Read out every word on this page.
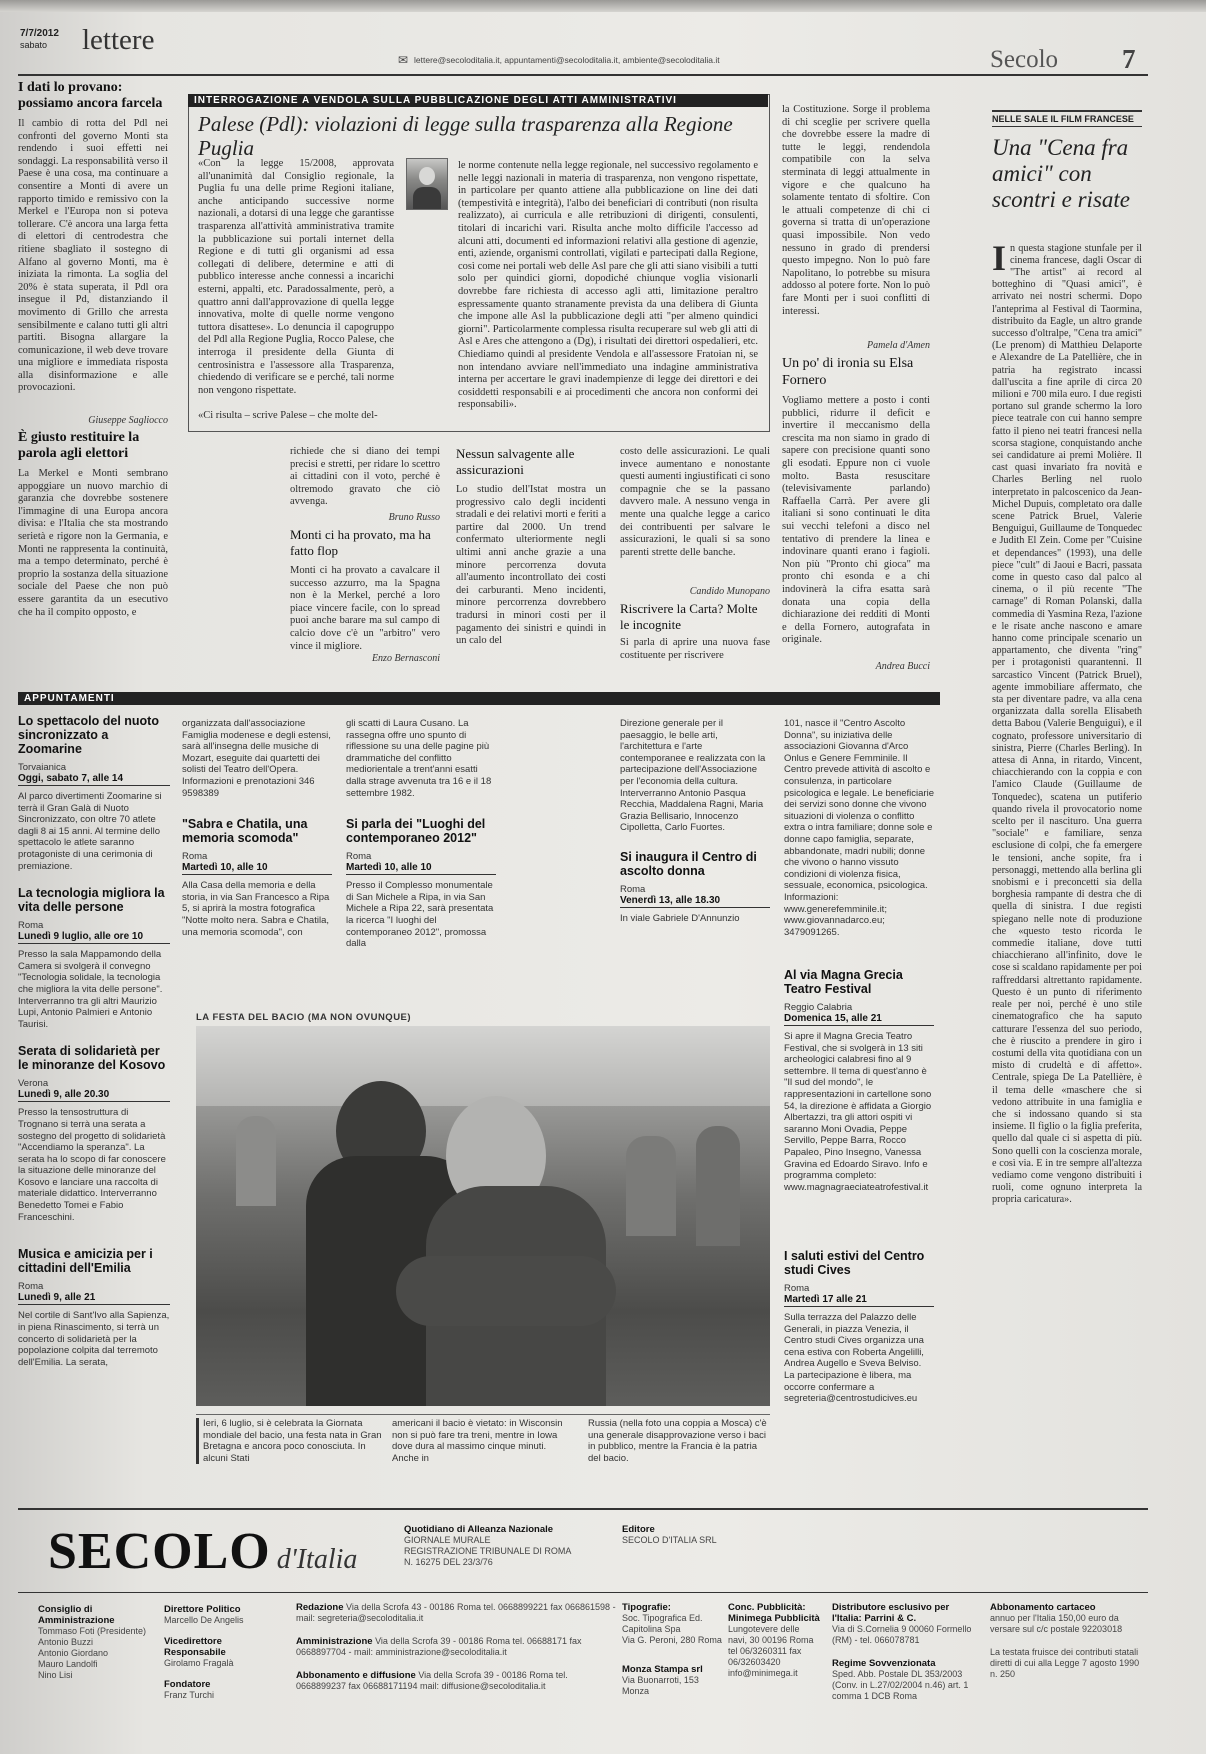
7/7/2012
sabato lettere
✉ lettere@secoloditalia.it, appuntamenti@secoloditalia.it, ambiente@secoloditalia.it	Secolo 7
I dati lo provano: possiamo ancora farcela
Il cambio di rotta del Pdl nei confronti del governo Monti sta rendendo i suoi effetti nei sondaggi. La responsabilità verso il Paese è una cosa, ma continuare a consentire a Monti di avere un rapporto timido e remissivo con la Merkel e l'Europa non si poteva tollerare. C'è ancora una larga fetta di elettori di centrodestra che ritiene sbagliato il sostegno di Alfano al governo Monti, ma è iniziata la rimonta. La soglia del 20% è stata superata, il Pdl ora insegue il Pd, distanziando il movimento di Grillo che arresta sensibilmente e calano tutti gli altri partiti. Bisogna allargare la comunicazione, il web deve trovare una migliore e immediata risposta alla disinformazione e alle provocazioni.
Giuseppe Sagliocco
È giusto restituire la parola agli elettori
La Merkel e Monti sembrano appoggiare un nuovo marchio di garanzia che dovrebbe sostenere l'immagine di una Europa ancora divisa: e l'Italia che sta mostrando serietà e rigore non la Germania, e Monti ne rappresenta la continuità, ma a tempo determinato, perché è proprio la sostanza della situazione sociale del Paese che non può essere garantita da un esecutivo che ha il compito opposto, e
INTERROGAZIONE A VENDOLA SULLA PUBBLICAZIONE DEGLI ATTI AMMINISTRATIVI
Palese (Pdl): violazioni di legge sulla trasparenza alla Regione Puglia
«Con la legge 15/2008, approvata all'unanimità dal Consiglio regionale, la Puglia fu una delle prime Regioni italiane, anche anticipando successive norme nazionali, a dotarsi di una legge che garantisse trasparenza all'attività amministrativa tramite la pubblicazione sui portali internet della Regione e di tutti gli organismi ad essa collegati di delibere, determine e atti di pubblico interesse anche connessi a incarichi esterni, appalti, etc. Paradossalmente, però, a quattro anni dall'approvazione di quella legge innovativa, molte di quelle norme vengono tuttora disattese». Lo denuncia il capogruppo del Pdl alla Regione Puglia, Rocco Palese, che interroga il presidente della Giunta di centrosinistra e l'assessore alla Trasparenza, chiedendo di verificare se e perché, tali norme non vengono rispettate.
«Ci risulta – scrive Palese – che molte del-
le norme contenute nella legge regionale, nel successivo regolamento e nelle leggi nazionali in materia di trasparenza, non vengono rispettate, in particolare per quanto attiene alla pubblicazione on line dei dati (tempestività e integrità), l'albo dei beneficiari di contributi (non risulta realizzato), ai curricula e alle retribuzioni di dirigenti, consulenti, titolari di incarichi vari. Risulta anche molto difficile l'accesso ad alcuni atti, documenti ed informazioni relativi alla gestione di agenzie, enti, aziende, organismi controllati, vigilati e partecipati dalla Regione, così come nei portali web delle Asl pare che gli atti siano visibili a tutti solo per quindici giorni, dopodiché chiunque voglia visionarli dovrebbe fare richiesta di accesso agli atti, limitazione peraltro espressamente quanto stranamente prevista da una delibera di Giunta che impone alle Asl la pubblicazione degli atti "per almeno quindici giorni". Particolarmente complessa risulta recuperare sul web gli atti di Asl e Ares che attengono a (Dg), i risultati dei direttori ospedalieri, etc. Chiediamo quindi al presidente Vendola e all'assessore Fratoian ni, se non intendano avviare nell'immediato una indagine amministrativa interna per accertare le gravi inadempienze di legge dei direttori e dei cosiddetti responsabili e ai procedimenti che ancora non conformi dei responsabili».
la Costituzione. Sorge il problema di chi sceglie per scrivere quella che dovrebbe essere la madre di tutte le leggi, rendendola compatibile con la selva sterminata di leggi attualmente in vigore e che qualcuno ha solamente tentato di sfoltire. Con le attuali competenze di chi ci governa si tratta di un'operazione quasi impossibile. Non vedo nessuno in grado di prendersi questo impegno. Non lo può fare Napolitano, lo potrebbe su misura addosso al potere forte. Non lo può fare Monti per i suoi conflitti di interessi.
Pamela d'Amen
Un po' di ironia su Elsa Fornero
Vogliamo mettere a posto i conti pubblici, ridurre il deficit e invertire il meccanismo della crescita ma non siamo in grado di sapere con precisione quanti sono gli esodati. Eppure non ci vuole molto. Basta resuscitare (televisivamente parlando) Raffaella Carrà. Per avere gli italiani si sono continuati le dita sui vecchi telefoni a disco nel tentativo di prendere la linea e indovinare quanti erano i fagioli. Non più "Pronto chi gioca" ma pronto chi esonda e a chi indovinerà la cifra esatta sarà donata una copia della dichiarazione dei redditi di Monti e della Fornero, autografata in originale.
Andrea Bucci
richiede che si diano dei tempi precisi e stretti, per ridare lo scettro ai cittadini con il voto, perché è oltremodo gravato che ciò avvenga.
Bruno Russo
Monti ci ha provato, ma ha fatto flop
Monti ci ha provato a cavalcare il successo azzurro, ma la Spagna non è la Merkel, perché a loro piace vincere facile, con lo spread puoi anche barare ma sul campo di calcio dove c'è un "arbitro" vero vince il migliore.
Enzo Bernasconi
Nessun salvagente alle assicurazioni
Lo studio dell'Istat mostra un progressivo calo degli incidenti stradali e dei relativi morti e feriti a partire dal 2000. Un trend confermato ulteriormente negli ultimi anni anche grazie a una minore percorrenza dovuta all'aumento incontrollato dei costi dei carburanti. Meno incidenti, minore percorrenza dovrebbero tradursi in minori costi per il pagamento dei sinistri e quindi in un calo del
costo delle assicurazioni. Le quali invece aumentano e nonostante questi aumenti ingiustificati ci sono compagnie che se la passano davvero male. A nessuno venga in mente una qualche legge a carico dei contribuenti per salvare le assicurazioni, le quali si sa sono parenti strette delle banche.
Candido Munopano
Riscrivere la Carta? Molte le incognite
Si parla di aprire una nuova fase costituente per riscrivere
NELLE SALE IL FILM FRANCESE
Una "Cena fra amici" con scontri e risate
In questa stagione stunfale per il cinema francese, dagli Oscar di "The artist" ai record al botteghino di "Quasi amici", è arrivato nei nostri schermi. Dopo l'anteprima al Festival di Taormina, distribuito da Eagle, un altro grande successo d'oltralpe, "Cena tra amici" (Le prenom) di Matthieu Delaporte e Alexandre de La Patellière, che in patria ha registrato incassi dall'uscita a fine aprile di circa 20 milioni e 700 mila euro. I due registi portano sul grande schermo la loro piece teatrale con cui hanno sempre fatto il pieno nei teatri francesi nella scorsa stagione, conquistando anche sei candidature ai premi Molière. Il cast quasi invariato fra novità e Charles Berling nel ruolo interpretato in palcoscenico da Jean-Michel Dupuis, completato ora dalle scene Patrick Bruel, Valerie Benguigui, Guillaume de Tonquedec e Judith El Zein. Come per "Cuisine et dependances" (1993), una delle piece "cult" di Jaoui e Bacri, passata come in questo caso dal palco al cinema, o il più recente "The carnage" di Roman Polanski, dalla commedia di Yasmina Reza, l'azione e le risate anche nascono e amare hanno come principale scenario un appartamento, che diventa "ring" per i protagonisti quarantenni. Il sarcastico Vincent (Patrick Bruel), agente immobiliare affermato, che sta per diventare padre, va alla cena organizzata dalla sorella Elisabeth detta Babou (Valerie Benguigui), e il cognato, professore universitario di sinistra, Pierre (Charles Berling). In attesa di Anna, in ritardo, Vincent, chiacchierando con la coppia e con l'amico Claude (Guillaume de Tonquedec), scatena un putiferio quando rivela il provocatorio nome scelto per il nascituro. Una guerra "sociale" e familiare, senza esclusione di colpi, che fa emergere le tensioni, anche sopite, fra i personaggi, mettendo alla berlina gli snobismi e i preconcetti sia della borghesia rampante di destra che di quella di sinistra. I due registi spiegano nelle note di produzione che «questo testo ricorda le commedie italiane, dove tutti chiacchierano all'infinito, dove le cose si scaldano rapidamente per poi raffreddarsi altrettanto rapidamente. Questo è un punto di riferimento reale per noi, perché è uno stile cinematografico che ha saputo catturare l'essenza del suo periodo, che è riuscito a prendere in giro i costumi della vita quotidiana con un misto di crudeltà e di affetto». Centrale, spiega De La Patellière, è il tema delle «maschere che si vedono attribuite in una famiglia e che si indossano quando si sta insieme. Il figlio o la figlia preferita, quello dal quale ci si aspetta di più. Sono quelli con la coscienza morale, e così via. E in tre sempre all'altezza vediamo come vengono distribuiti i ruoli, come ognuno interpreta la propria caricatura».
APPUNTAMENTI
Lo spettacolo del nuoto sincronizzato a Zoomarine
Torvaianica
Oggi, sabato 7, alle 14
Al parco divertimenti Zoomarine si terrà il Gran Galà di Nuoto Sincronizzato, con oltre 70 atlete dagli 8 ai 15 anni. Al termine dello spettacolo le atlete saranno protagoniste di una cerimonia di premiazione.
La tecnologia migliora la vita delle persone
Roma
Lunedì 9 luglio, alle ore 10
Presso la sala Mappamondo della Camera si svolgerà il convegno "Tecnologia solidale, la tecnologia che migliora la vita delle persone". Interverranno tra gli altri Maurizio Lupi, Antonio Palmieri e Antonio Taurisi.
Serata di solidarietà per le minoranze del Kosovo
Verona
Lunedì 9, alle 20.30
Presso la tensostruttura di Trognano si terrà una serata a sostegno del progetto di solidarietà "Accendiamo la speranza". La serata ha lo scopo di far conoscere la situazione delle minoranze del Kosovo e lanciare una raccolta di materiale didattico. Interverranno Benedetto Tomei e Fabio Franceschini.
Musica e amicizia per i cittadini dell'Emilia
Roma
Lunedì 9, alle 21
Nel cortile di Sant'Ivo alla Sapienza, in piena Rinascimento, si terrà un concerto di solidarietà per la popolazione colpita dal terremoto dell'Emilia. La serata,
organizzata dall'associazione Famiglia modenese e degli estensi, sarà all'insegna delle musiche di Mozart, eseguite dai quartetti dei solisti del Teatro dell'Opera. Informazioni e prenotazioni 346 9598389
"Sabra e Chatila, una memoria scomoda"
Roma
Martedì 10, alle 10
Alla Casa della memoria e della storia, in via San Francesco a Ripa 5, si aprirà la mostra fotografica "Notte molto nera. Sabra e Chatila, una memoria scomoda", con
gli scatti di Laura Cusano. La rassegna offre uno spunto di riflessione su una delle pagine più drammatiche del conflitto mediorientale a trent'anni esatti dalla strage avvenuta tra 16 e il 18 settembre 1982.
Si parla dei "Luoghi del contemporaneo 2012"
Roma
Martedì 10, alle 10
Presso il Complesso monumentale di San Michele a Ripa, in via San Michele a Ripa 22, sarà presentata la ricerca "I luoghi del contemporaneo 2012", promossa dalla
Direzione generale per il paesaggio, le belle arti, l'architettura e l'arte contemporanee e realizzata con la partecipazione dell'Associazione per l'economia della cultura. Interverranno Antonio Pasqua Recchia, Maddalena Ragni, Maria Grazia Bellisario, Innocenzo Cipolletta, Carlo Fuortes.
Si inaugura il Centro di ascolto donna
Roma
Venerdì 13, alle 18.30
In viale Gabriele D'Annunzio
101, nasce il "Centro Ascolto Donna", su iniziativa delle associazioni Giovanna d'Arco Onlus e Genere Femminile. Il Centro prevede attività di ascolto e consulenza, in particolare psicologica e legale. Le beneficiarie dei servizi sono donne che vivono situazioni di violenza o conflitto extra o intra familiare; donne sole e donne capo famiglia, separate, abbandonate, madri nubili; donne che vivono o hanno vissuto condizioni di violenza fisica, sessuale, economica, psicologica. Informazioni: www.generefemminile.it; www.giovannadarco.eu; 3479091265.
Al via Magna Grecia Teatro Festival
Reggio Calabria
Domenica 15, alle 21
Si apre il Magna Grecia Teatro Festival, che si svolgerà in 13 siti archeologici calabresi fino al 9 settembre. Il tema di quest'anno è "Il sud del mondo", le rappresentazioni in cartellone sono 54, la direzione è affidata a Giorgio Albertazzi, tra gli attori ospiti vi saranno Moni Ovadia, Peppe Servillo, Peppe Barra, Rocco Papaleo, Pino Insegno, Vanessa Gravina ed Edoardo Siravo. Info e programma completo: www.magnagraeciateatrofestival.it
I saluti estivi del Centro studi Cives
Roma
Martedì 17 alle 21
Sulla terrazza del Palazzo delle Generali, in piazza Venezia, il Centro studi Cives organizza una cena estiva con Roberta Angelilli, Andrea Augello e Sveva Belviso. La partecipazione è libera, ma occorre confermare a segreteria@centrostudicives.eu
LA FESTA DEL BACIO (MA NON OVUNQUE)
Ieri, 6 luglio, si è celebrata la Giornata mondiale del bacio, una festa nata in Gran Bretagna e ancora poco conosciuta. In alcuni Stati
americani il bacio è vietato: in Wisconsin non si può fare tra treni, mentre in Iowa dove dura al massimo cinque minuti. Anche in
Russia (nella foto una coppia a Mosca) c'è una generale disapprovazione verso i baci in pubblico, mentre la Francia è la patria del bacio.
SECOLO d'Italia
Quotidiano di Alleanza Nazionale
GIORNALE MURALE
REGISTRAZIONE TRIBUNALE DI ROMA
N. 16275 DEL 23/3/76
Editore
SECOLO D'ITALIA SRL
Consiglio di Amministrazione
Tommaso Foti (Presidente)
Antonio Buzzi
Antonio Giordano
Mauro Landolfi
Nino Lisi
Direttore Politico
Marcello De Angelis
Vicedirettore Responsabile
Girolamo Fragalà
Fondatore
Franz Turchi
Redazione Via della Scrofa 43 - 00186 Roma tel. 0668899221 fax 066861598 - mail: segreteria@secoloditalia.it
Amministrazione Via della Scrofa 39 - 00186 Roma tel. 06688171 fax 0668897704 - mail: amministrazione@secoloditalia.it
Abbonamento e diffusione Via della Scrofa 39 - 00186 Roma tel. 0668899237 fax 06688171194 mail: diffusione@secoloditalia.it
Tipografie:
Soc. Tipografica Ed. Capitolina Spa
Via G. Peroni, 280 Roma
Monza Stampa srl
Via Buonarroti, 153 Monza
Conc. Pubblicità: Minimega Pubblicità
Lungotevere delle navi, 30 00196 Roma tel 06/3260311 fax 06/32603420 info@minimega.it
Distributore esclusivo per l'Italia: Parrini & C.
Via di S.Cornelia 9 00060 Formello (RM) - tel. 066078781
Regime Sovvenzionata
Sped. Abb. Postale DL 353/2003 (Conv. in L.27/02/2004 n.46) art. 1 comma 1 DCB Roma
Abbonamento cartaceo
annuo per l'Italia 150,00 euro da versare sul c/c postale 92203018
La testata fruisce dei contributi statali diretti di cui alla Legge 7 agosto 1990 n. 250
